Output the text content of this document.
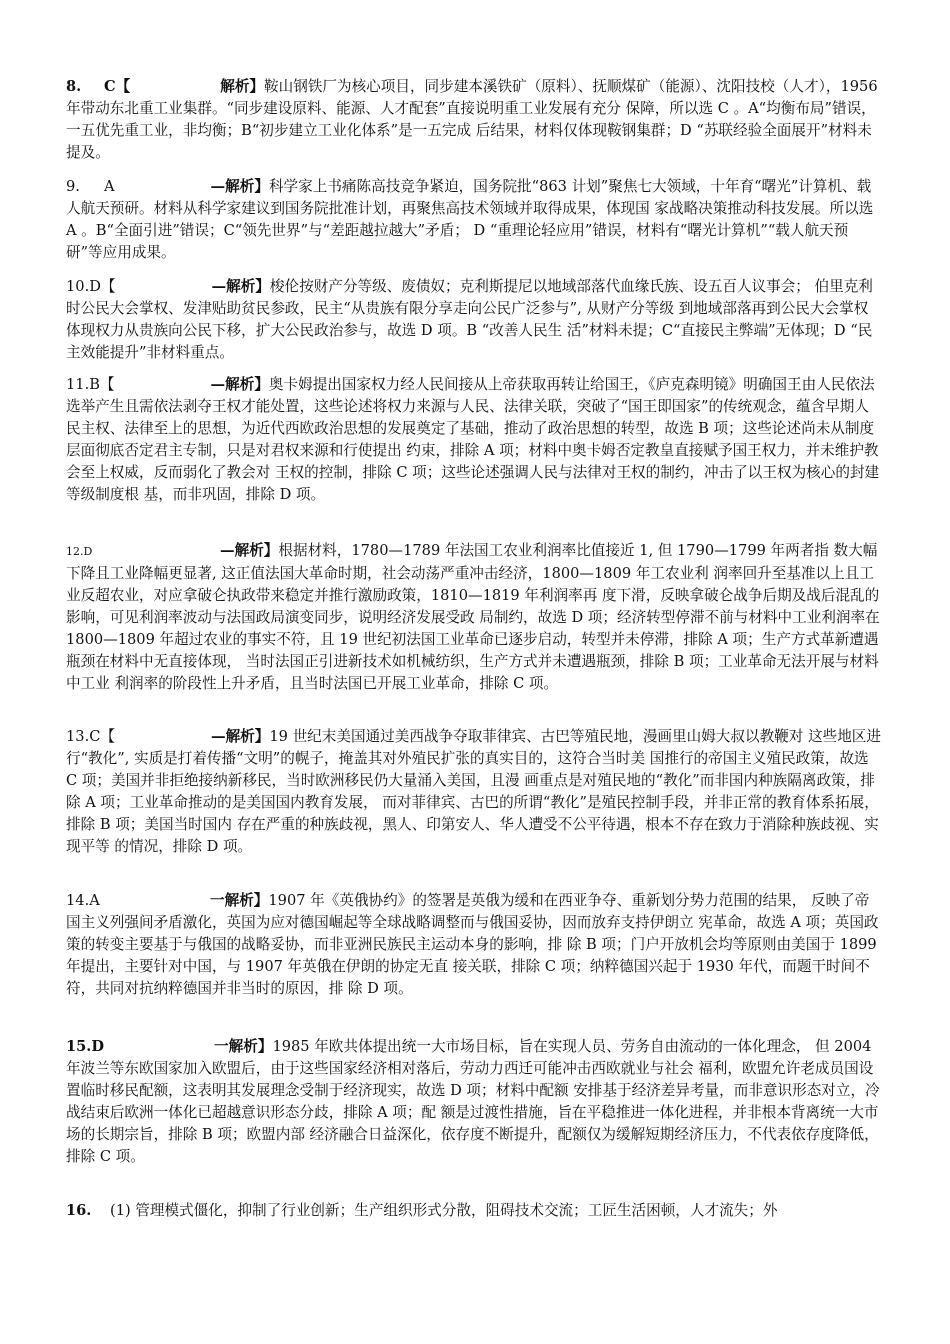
8. C【	解析】鞍山钢铁厂为核心项目，同步建本溪铁矿（原料）、抚顺煤矿（能源）、沈阳技校（人才），1956 年带动东北重工业集群。“同步建设原料、能源、人才配套”直接说明重工业发展有充分 保障，所以选 C 。A“均衡布局”错误，一五优先重工业，非均衡；B“初步建立工业化体系”是一五完成 后结果，材料仅体现鞍钢集群；D “苏联经验全面展开”材料未提及。
9. A	—解析】科学家上书痛陈高技竞争紧迫，国务院批“863 计划”聚焦七大领域，十年育“曙光”计算机、载人航天预研。材料从科学家建议到国务院批准计划，再聚焦高技术领域并取得成果，体现国 家战略决策推动科技发展。所以选 A 。B“全面引进”错误；C“领先世界”与“差距越拉越大”矛盾； D “重理论轻应用”错误，材料有“曙光计算机”“载人航天预研”等应用成果。
10.D【	—解析】梭伦按财产分等级、废债奴；克利斯提尼以地域部落代血缘氏族、设五百人议事会； 伯里克利时公民大会掌权、发津贴助贫民参政，民主“从贵族有限分享走向公民广泛参与”, 从财产分等级 到地域部落再到公民大会掌权体现权力从贵族向公民下移，扩大公民政治参与，故选 D 项。B “改善人民生 活”材料未提；C“直接民主弊端”无体现；D “民主效能提升”非材料重点。
11.B【	—解析】奥卡姆提出国家权力经人民间接从上帝获取再转让给国王，《庐克森明镜》明确国王由人民依法选举产生且需依法剥夺王权才能处置，这些论述将权力来源与人民、法律关联，突破了“国王即国家”的传统观念，蕴含早期人民主权、法律至上的思想，为近代西欧政治思想的发展奠定了基础，推动了政治思想的转型，故选 B 项；这些论述尚未从制度层面彻底否定君主专制，只是对君权来源和行使提出 约束，排除 A 项；材料中奥卡姆否定教皇直接赋予国王权力，并未维护教会至上权威，反而弱化了教会对 王权的控制，排除 C 项；这些论述强调人民与法律对王权的制约，冲击了以王权为核心的封建等级制度根 基，而非巩固，排除 D 项。
12.D	—解析】根据材料，1780—1789 年法国工农业利润率比值接近 1, 但 1790—1799 年两者指 数大幅下降且工业降幅更显著, 这正值法国大革命时期，社会动荡严重冲击经济，1800—1809 年工农业利 润率回升至基准以上且工业反超农业，对应拿破仑执政带来稳定并推行激励政策，1810—1819 年利润率再 度下滑，反映拿破仑战争后期及战后混乱的影响，可见利润率波动与法国政局演变同步，说明经济发展受政 局制约，故选 D 项；经济转型停滞不前与材料中工业利润率在 1800—1809 年超过农业的事实不符，且 19 世纪初法国工业革命已逐步启动，转型并未停滞，排除 A 项；生产方式革新遭遇瓶颈在材料中无直接体现， 当时法国正引进新技术如机械纺织，生产方式并未遭遇瓶颈，排除 B 项；工业革命无法开展与材料中工业 利润率的阶段性上升矛盾，且当时法国已开展工业革命，排除 C 项。
13.C【	—解析】19 世纪末美国通过美西战争夺取菲律宾、古巴等殖民地，漫画里山姆大叔以教鞭对 这些地区进行“教化”, 实质是打着传播“文明”的幌子，掩盖其对外殖民扩张的真实目的，这符合当时美 国推行的帝国主义殖民政策，故选 C 项；美国并非拒绝接纳新移民，当时欧洲移民仍大量涌入美国，且漫 画重点是对殖民地的“教化”而非国内种族隔离政策，排除 A 项；工业革命推动的是美国国内教育发展， 而对菲律宾、古巴的所谓“教化”是殖民控制手段，并非正常的教育体系拓展，排除 B 项；美国当时国内 存在严重的种族歧视，黑人、印第安人、华人遭受不公平待遇，根本不存在致力于消除种族歧视、实现平等 的情况，排除 D 项。
14.A	一解析】1907 年《英俄协约》的签署是英俄为缓和在西亚争夺、重新划分势力范围的结果， 反映了帝国主义列强间矛盾激化，英国为应对德国崛起等全球战略调整而与俄国妥协，因而放弃支持伊朗立 宪革命，故选 A 项；英国政策的转变主要基于与俄国的战略妥协，而非亚洲民族民主运动本身的影响，排 除 B 项；门户开放机会均等原则由美国于 1899 年提出，主要针对中国，与 1907 年英俄在伊朗的协定无直 接关联，排除 C 项；纳粹德国兴起于 1930 年代，而题干时间不符，共同对抗纳粹德国并非当时的原因，排 除 D 项。
15.D	一解析】1985 年欧共体提出统一大市场目标，旨在实现人员、劳务自由流动的一体化理念， 但 2004 年波兰等东欧国家加入欧盟后，由于这些国家经济相对落后，劳动力西迁可能冲击西欧就业与社会 福利，欧盟允许老成员国设置临时移民配额，这表明其发展理念受制于经济现实，故选 D 项；材料中配额 安排基于经济差异考量，而非意识形态对立，冷战结束后欧洲一体化已超越意识形态分歧，排除 A 项；配 额是过渡性措施，旨在平稳推进一体化进程，并非根本背离统一大市场的长期宗旨，排除 B 项；欧盟内部 经济融合日益深化，依存度不断提升，配额仅为缓解短期经济压力，不代表依存度降低，排除 C 项。
16. (1) 管理模式僵化，抑制了行业创新；生产组织形式分散，阻碍技术交流；工匠生活困顿，人才流失；外
